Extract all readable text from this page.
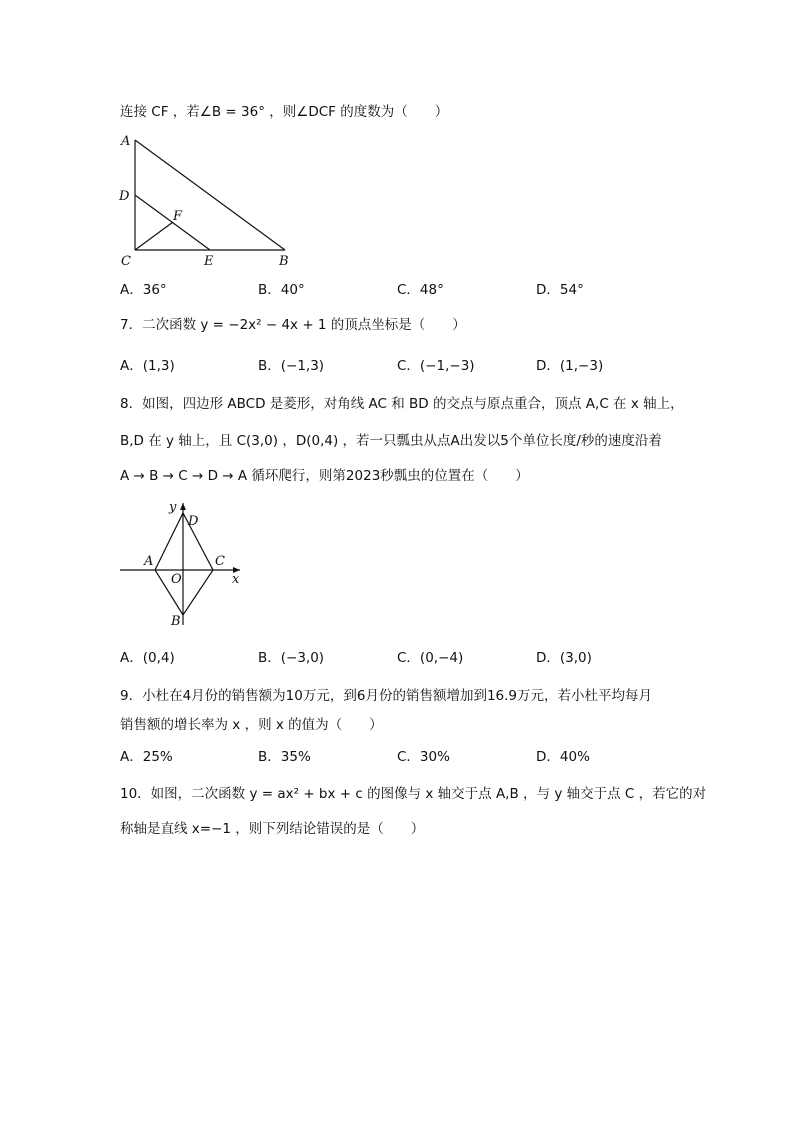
连接 CF ，若∠B = 36° ，则∠DCF 的度数为（　　）
A
D
F
C	E	B
A．36°	B．40°	C．48°	D．54°
7．二次函数 y = −2x² − 4x + 1 的顶点坐标是（　　）
A．(1,3)	B．(−1,3)	C．(−1,−3)	D．(1,−3)
8．如图，四边形 ABCD 是菱形，对角线 AC 和 BD 的交点与原点重合，顶点 A,C 在 x 轴上，
B,D 在 y 轴上，且 C(3,0) ，D(0,4) ，若一只瓢虫从点A出发以5个单位长度/秒的速度沿着
A → B → C → D → A 循环爬行，则第2023秒瓢虫的位置在（　　）
y
D
A	C
O	x
B
A．(0,4)	B．(−3,0)	C．(0,−4)	D．(3,0)
9．小杜在4月份的销售额为10万元，到6月份的销售额增加到16.9万元，若小杜平均每月
销售额的增长率为 x ，则 x 的值为（　　）
A．25%	B．35%	C．30%	D．40%
10．如图，二次函数 y = ax² + bx + c 的图像与 x 轴交于点 A,B ，与 y 轴交于点 C ，若它的对
称轴是直线 x=−1 ，则下列结论错误的是（　　）
